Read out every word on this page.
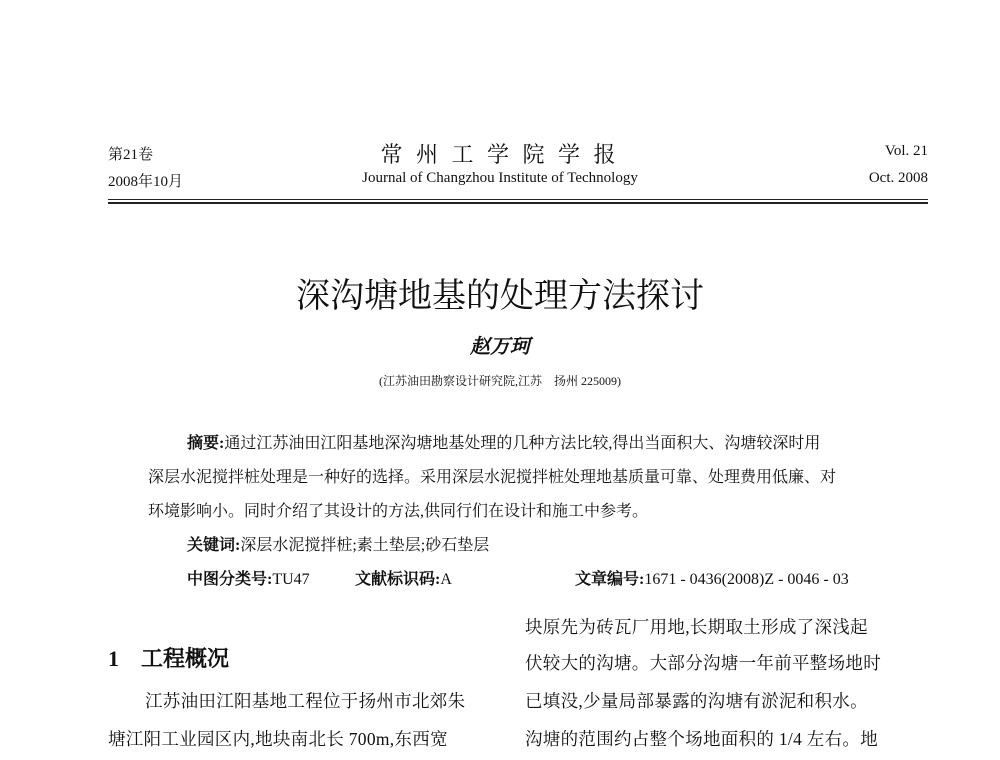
第21卷
2008年10月
常 州 工 学 院 学 报
Journal of Changzhou Institute of Technology
Vol. 21
Oct. 2008
深沟塘地基的处理方法探讨
赵万珂
(江苏油田勘察设计研究院,江苏　扬州 225009)
摘要:通过江苏油田江阳基地深沟塘地基处理的几种方法比较,得出当面积大、沟塘较深时用
深层水泥搅拌桩处理是一种好的选择。采用深层水泥搅拌桩处理地基质量可靠、处理费用低廉、对
环境影响小。同时介绍了其设计的方法,供同行们在设计和施工中参考。
关键词:深层水泥搅拌桩;素土垫层;砂石垫层
中图分类号:TU47	文献标识码:A	文章编号:1671 - 0436(2008)Z - 0046 - 03
1　工程概况
江苏油田江阳基地工程位于扬州市北郊朱
塘江阳工业园区内,地块南北长 700m,东西宽
块原先为砖瓦厂用地,长期取土形成了深浅起
伏较大的沟塘。大部分沟塘一年前平整场地时
已填没,少量局部暴露的沟塘有淤泥和积水。
沟塘的范围约占整个场地面积的 1/4 左右。地
